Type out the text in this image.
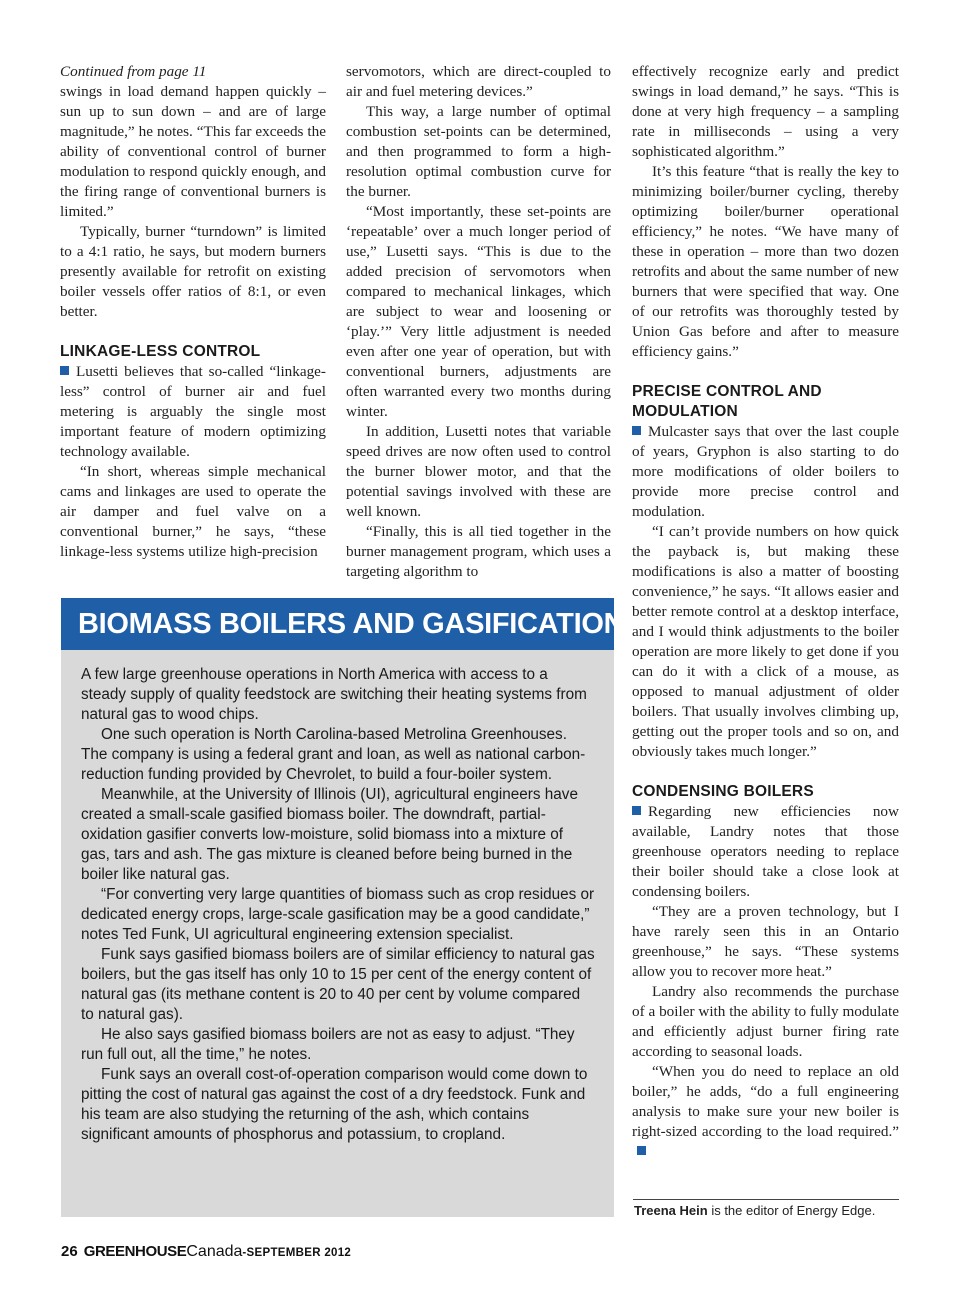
Continued from page 11

swings in load demand happen quickly – sun up to sun down – and are of large magnitude,” he notes. “This far exceeds the ability of conventional control of burner modulation to respond quickly enough, and the firing range of conventional burners is limited.”

Typically, burner “turndown” is limited to a 4:1 ratio, he says, but modern burners presently available for retrofit on existing boiler vessels offer ratios of 8:1, or even better.

LINKAGE-LESS CONTROL

Lusetti believes that so-called “linkage-less” control of burner air and fuel metering is arguably the single most important feature of modern optimizing technology available.

“In short, whereas simple mechanical cams and linkages are used to operate the air damper and fuel valve on a conventional burner,” he says, “these linkage-less systems utilize high-precision

servomotors, which are direct-coupled to air and fuel metering devices.”

This way, a large number of optimal combustion set-points can be determined, and then programmed to form a high-resolution optimal combustion curve for the burner.

“Most importantly, these set-points are ‘repeatable’ over a much longer period of use,” Lusetti says. “This is due to the added precision of servomotors when compared to mechanical linkages, which are subject to wear and loosening or ‘play.’” Very little adjustment is needed even after one year of operation, but with conventional burners, adjustments are often warranted every two months during winter.

In addition, Lusetti notes that variable speed drives are now often used to control the burner blower motor, and that the potential savings involved with these are well known.

“Finally, this is all tied together in the burner management program, which uses a targeting algorithm to

effectively recognize early and predict swings in load demand,” he says. “This is done at very high frequency – a sampling rate in milliseconds – using a very sophisticated algorithm.”

It’s this feature “that is really the key to minimizing boiler/burner cycling, thereby optimizing boiler/burner operational efficiency,” he notes. “We have many of these in operation – more than two dozen retrofits and about the same number of new burners that were specified that way. One of our retrofits was thoroughly tested by Union Gas before and after to measure efficiency gains.”

PRECISE CONTROL AND MODULATION

Mulcaster says that over the last couple of years, Gryphon is also starting to do more modifications of older boilers to provide more precise control and modulation.

“I can’t provide numbers on how quick the payback is, but making these modifications is also a matter of boosting convenience,” he says. “It allows easier and better remote control at a desktop interface, and I would think adjustments to the boiler operation are more likely to get done if you can do it with a click of a mouse, as opposed to manual adjustment of older boilers. That usually involves climbing up, getting out the proper tools and so on, and obviously takes much longer.”

CONDENSING BOILERS

Regarding new efficiencies now available, Landry notes that those greenhouse operators needing to replace their boiler should take a close look at condensing boilers.

“They are a proven technology, but I have rarely seen this in an Ontario greenhouse,” he says. “These systems allow you to recover more heat.”

Landry also recommends the purchase of a boiler with the ability to fully modulate and efficiently adjust burner firing rate according to seasonal loads.

“When you do need to replace an old boiler,” he adds, “do a full engineering analysis to make sure your new boiler is right-sized according to the load required.”

BIOMASS BOILERS AND GASIFICATION

A few large greenhouse operations in North America with access to a steady supply of quality feedstock are switching their heating systems from natural gas to wood chips.

One such operation is North Carolina-based Metrolina Greenhouses. The company is using a federal grant and loan, as well as national carbon-reduction funding provided by Chevrolet, to build a four-boiler system.

Meanwhile, at the University of Illinois (UI), agricultural engineers have created a small-scale gasified biomass boiler. The downdraft, partial-oxidation gasifier converts low-moisture, solid biomass into a mixture of gas, tars and ash. The gas mixture is cleaned before being burned in the boiler like natural gas.

“For converting very large quantities of biomass such as crop residues or dedicated energy crops, large-scale gasification may be a good candidate,” notes Ted Funk, UI agricultural engineering extension specialist.

Funk says gasified biomass boilers are of similar efficiency to natural gas boilers, but the gas itself has only 10 to 15 per cent of the energy content of natural gas (its methane content is 20 to 40 per cent by volume compared to natural gas).

He also says gasified biomass boilers are not as easy to adjust. “They run full out, all the time,” he notes.

Funk says an overall cost-of-operation comparison would come down to pitting the cost of natural gas against the cost of a dry feedstock. Funk and his team are also studying the returning of the ash, which contains significant amounts of phosphorus and potassium, to cropland.

Treena Hein is the editor of Energy Edge.
26 GREENHOUSECanada-SEPTEMBER 2012
